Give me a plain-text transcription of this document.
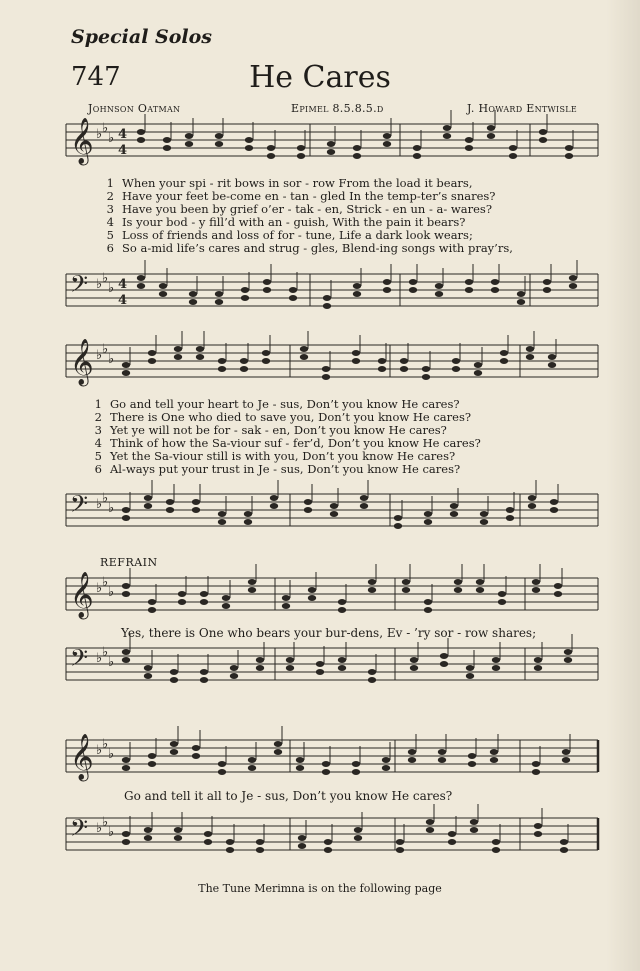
Special Solos
747	He Cares
Johnson Oatman	Epimel 8.5.8.5.d	J. Howard Entwisle
𝄞 ♭ ♭
♭ 4
4
𝄢 ♭ ♭
♭ 4
4
𝄞 ♭ ♭
♭
𝄢 ♭ ♭
♭
𝄞 ♭ ♭
♭
𝄢 ♭ ♭
♭
𝄞 ♭ ♭
♭
𝄢 ♭ ♭
♭
1 When your spi - rit bows in sor - row From the load it bears,
2 Have your feet be-come en - tan - gled In the temp-ter’s snares?
3 Have you been by grief o’er - tak - en, Strick - en un - a- wares?
4 Is your bod - y fill’d with an - guish, With the pain it bears?
5 Loss of friends and loss of for - tune, Life a dark look wears;
6 So a-mid life’s cares and strug - gles, Blend-ing songs with pray’rs,
1 Go and tell your heart to Je - sus, Don’t you know He cares?
2 There is One who died to save you, Don’t you know He cares?
3 Yet ye will not be for - sak - en, Don’t you know He cares?
4 Think of how the Sa-viour suf - fer’d, Don’t you know He cares?
5 Yet the Sa-viour still is with you, Don’t you know He cares?
6 Al-ways put your trust in Je - sus, Don’t you know He cares?
REFRAIN
Yes, there is One who bears your bur-dens, Ev - ’ry sor - row shares;
Go and tell it all to Je - sus, Don’t you know He cares?
The Tune Merimna is on the following page
